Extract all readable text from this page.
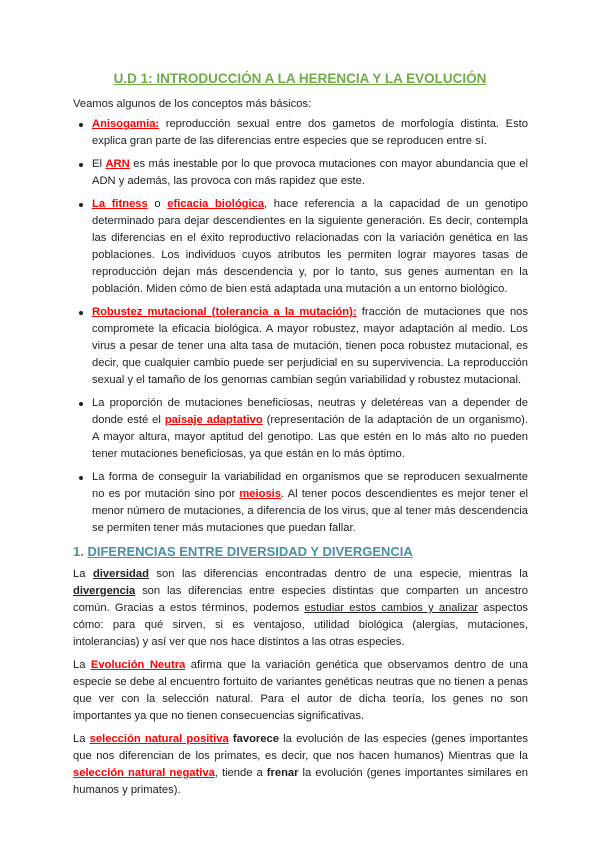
U.D 1: INTRODUCCIÓN A LA HERENCIA Y LA EVOLUCIÓN
Veamos algunos de los conceptos más básicos:
Anisogamia: reproducción sexual entre dos gametos de morfología distinta. Esto explica gran parte de las diferencias entre especies que se reproducen entre sí.
El ARN es más inestable por lo que provoca mutaciones con mayor abundancia que el ADN y además, las provoca con más rapidez que este.
La fitness o eficacia biológica, hace referencia a la capacidad de un genotipo determinado para dejar descendientes en la siguiente generación. Es decir, contempla las diferencias en el éxito reproductivo relacionadas con la variación genética en las poblaciones. Los individuos cuyos atributos les permiten lograr mayores tasas de reproducción dejan más descendencia y, por lo tanto, sus genes aumentan en la población. Miden cómo de bien está adaptada una mutación a un entorno biológico.
Robustez mutacional (tolerancia a la mutación): fracción de mutaciones que nos compromete la eficacia biológica. A mayor robustez, mayor adaptación al medio. Los virus a pesar de tener una alta tasa de mutación, tienen poca robustez mutacional, es decir, que cualquier cambio puede ser perjudicial en su supervivencia. La reproducción sexual y el tamaño de los genomas cambian según variabilidad y robustez mutacional.
La proporción de mutaciones beneficiosas, neutras y deletéreas van a depender de donde esté el paisaje adaptativo (representación de la adaptación de un organismo). A mayor altura, mayor aptitud del genotipo. Las que estén en lo más alto no pueden tener mutaciones beneficiosas, ya que están en lo más óptimo.
La forma de conseguir la variabilidad en organismos que se reproducen sexualmente no es por mutación sino por meiosis. Al tener pocos descendientes es mejor tener el menor número de mutaciones, a diferencia de los virus, que al tener más descendencia se permiten tener más mutaciones que puedan fallar.
1. DIFERENCIAS ENTRE DIVERSIDAD Y DIVERGENCIA

La diversidad son las diferencias encontradas dentro de una especie, mientras la divergencia son las diferencias entre especies distintas que comparten un ancestro común. Gracias a estos términos, podemos estudiar estos cambios y analizar aspectos cómo: para qué sirven, si es ventajoso, utilidad biológica (alergias, mutaciones, intolerancias) y así ver que nos hace distintos a las otras especies.

La Evolución Neutra afirma que la variación genética que observamos dentro de una especie se debe al encuentro fortuito de variantes genéticas neutras que no tienen a penas que ver con la selección natural. Para el autor de dicha teoría, los genes no son importantes ya que no tienen consecuencias significativas.

La selección natural positiva favorece la evolución de las especies (genes importantes que nos diferencian de los primates, es decir, que nos hacen humanos) Mientras que la selección natural negativa, tiende a frenar la evolución (genes importantes similares en humanos y primates).
